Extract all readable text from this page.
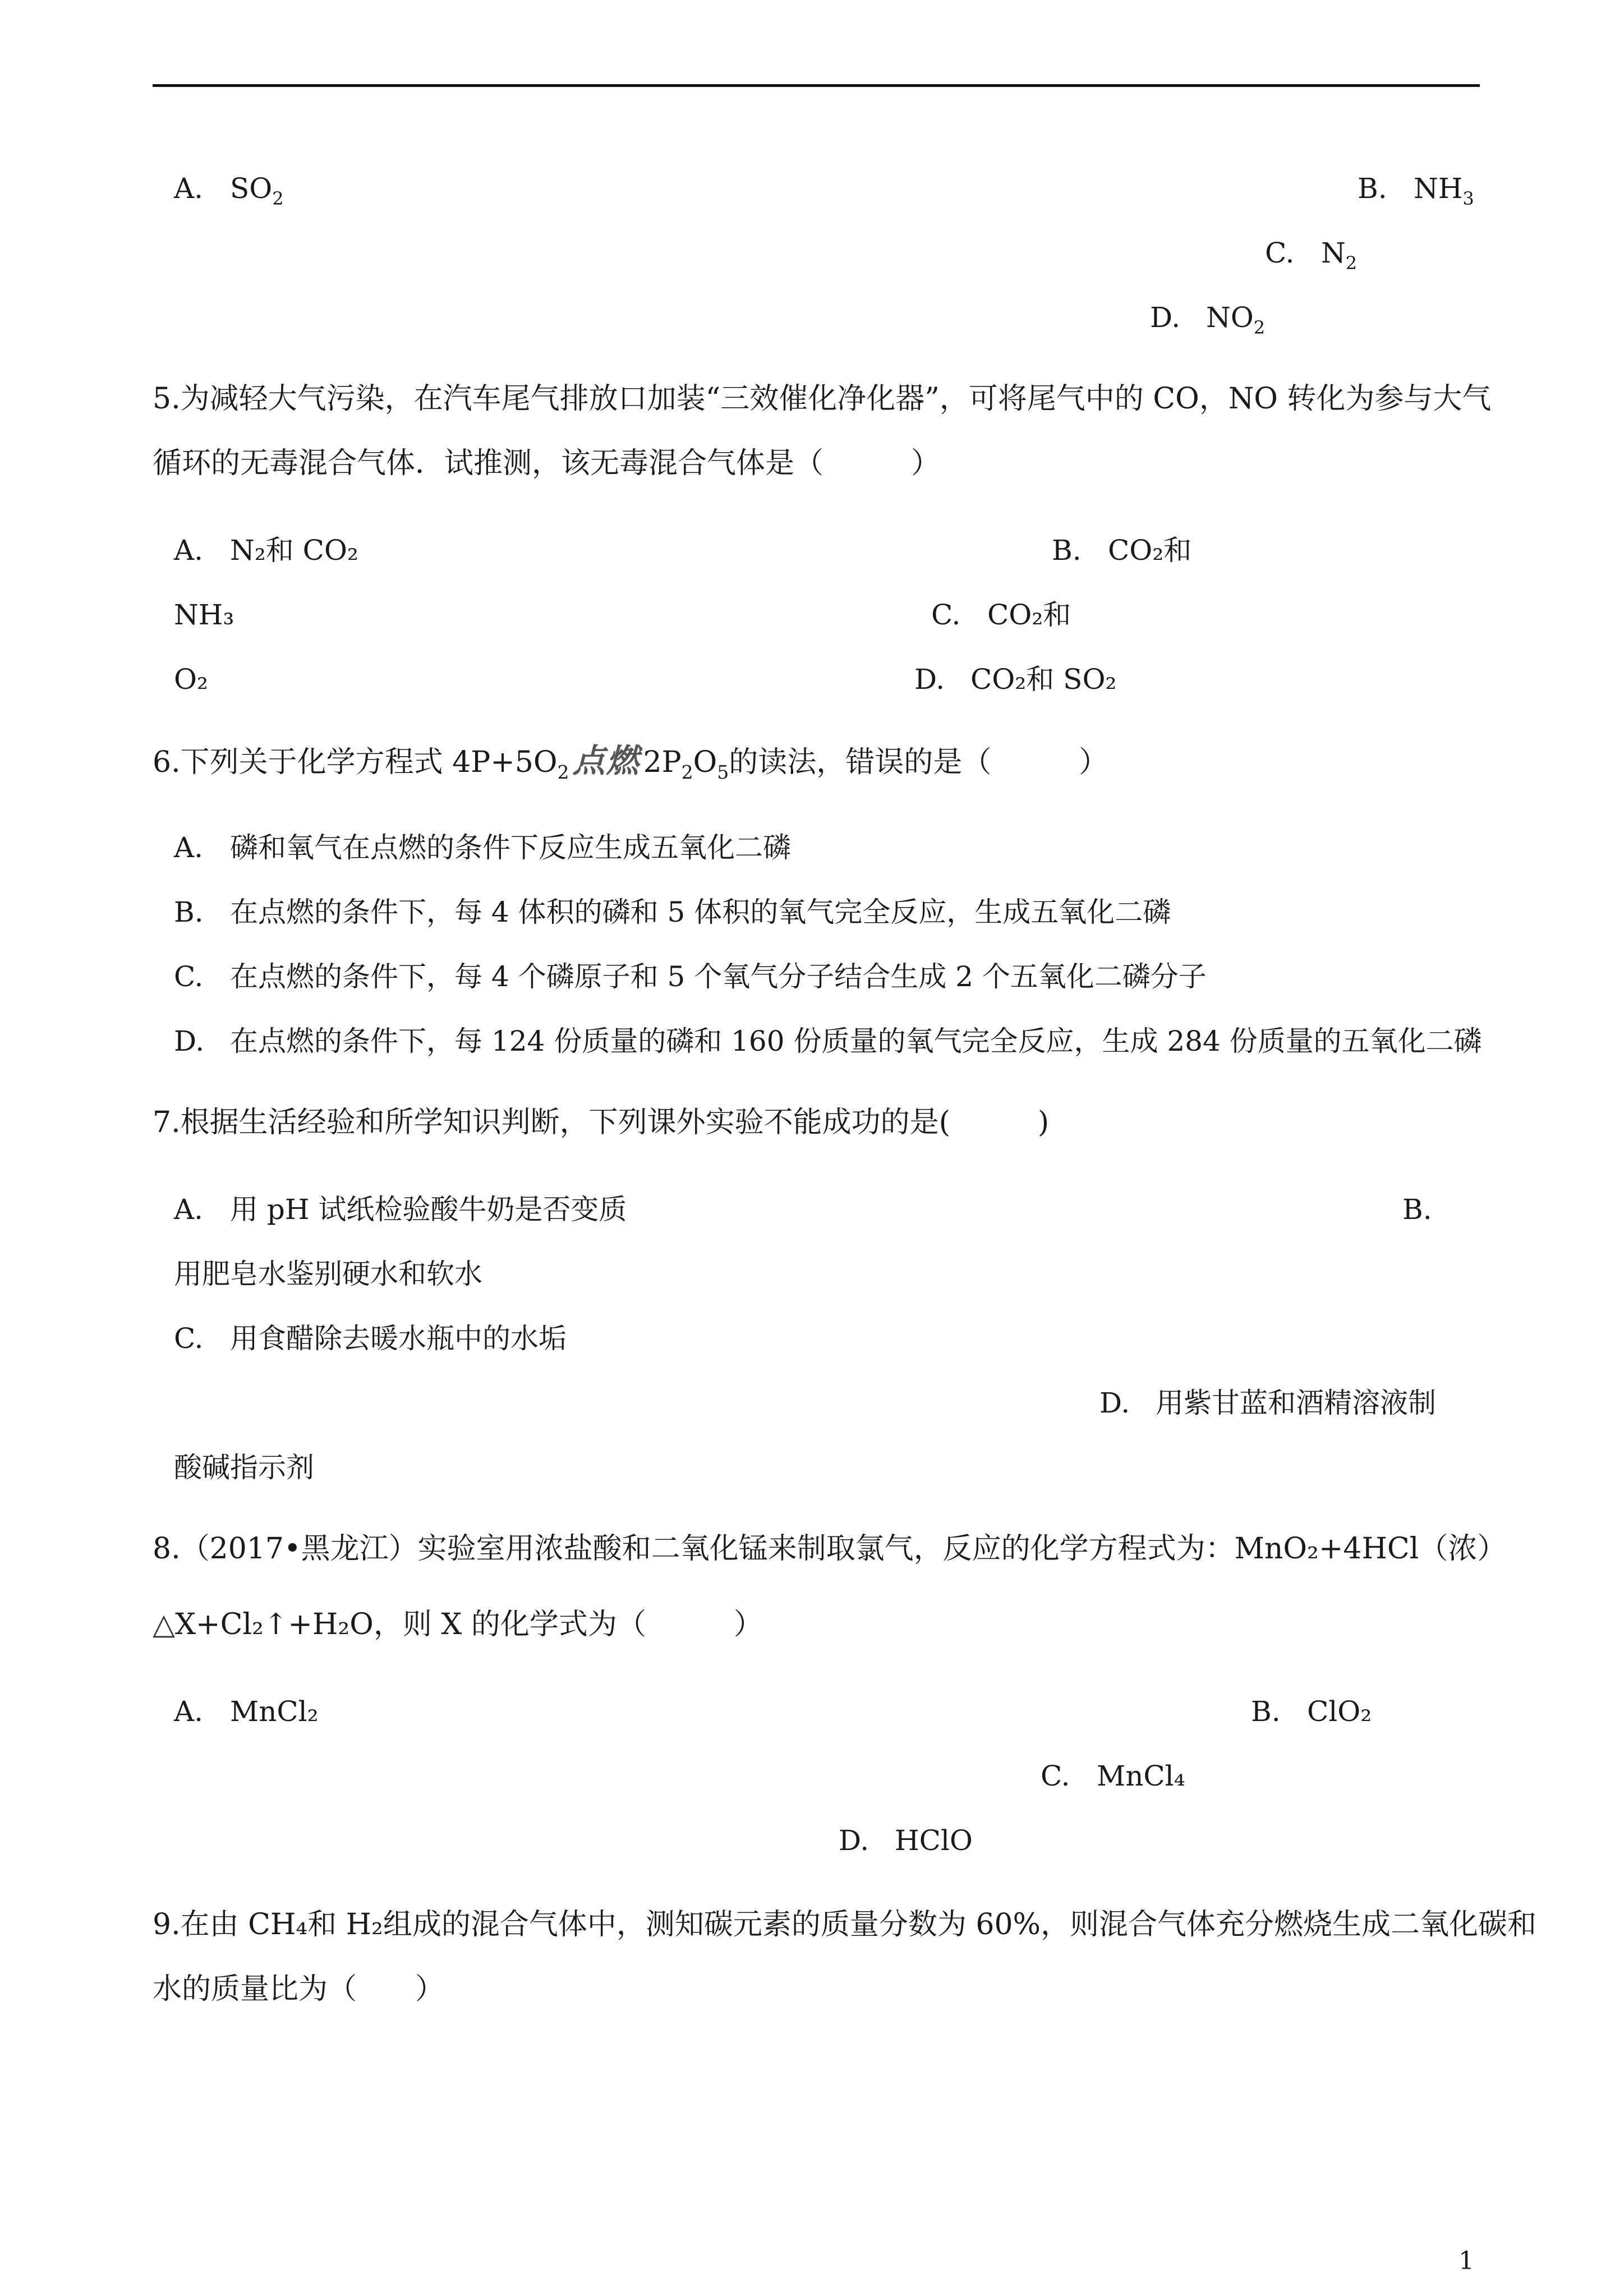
A. $SO_2$	B. $NH_3$
C. $N_2$
D. $NO_2$
5.为减轻大气污染，在汽车尾气排放口加装“三效催化净化器”，可将尾气中的 CO，NO 转化为参与大气
循环的无毒混合气体．试推测，该无毒混合气体是（　　　）
A. N₂和 CO₂	B. CO₂和
NH₃	C. CO₂和
O₂	D. CO₂和 SO₂
6.下列关于化学方程式 $4P+5O_2$ 点燃 $2P_2O_5$的读法，错误的是（　　　）
A. 磷和氧气在点燃的条件下反应生成五氧化二磷
B. 在点燃的条件下，每 4 体积的磷和 5 体积的氧气完全反应，生成五氧化二磷
C. 在点燃的条件下，每 4 个磷原子和 5 个氧气分子结合生成 2 个五氧化二磷分子
D. 在点燃的条件下，每 124 份质量的磷和 160 份质量的氧气完全反应，生成 284 份质量的五氧化二磷
7.根据生活经验和所学知识判断，下列课外实验不能成功的是(　　　)
A. 用 pH 试纸检验酸牛奶是否变质	B.
用肥皂水鉴别硬水和软水
C. 用食醋除去暖水瓶中的水垢
D. 用紫甘蓝和酒精溶液制
酸碱指示剂
8.（2017•黑龙江）实验室用浓盐酸和二氧化锰来制取氯气，反应的化学方程式为：MnO₂+4HCl（浓）
△X+Cl₂↑+H₂O，则 X 的化学式为（　　　）
A. MnCl₂	B. ClO₂
C. MnCl₄
D. HClO
9.在由 CH₄和 H₂组成的混合气体中，测知碳元素的质量分数为 60%，则混合气体充分燃烧生成二氧化碳和
水的质量比为（　　）
1
